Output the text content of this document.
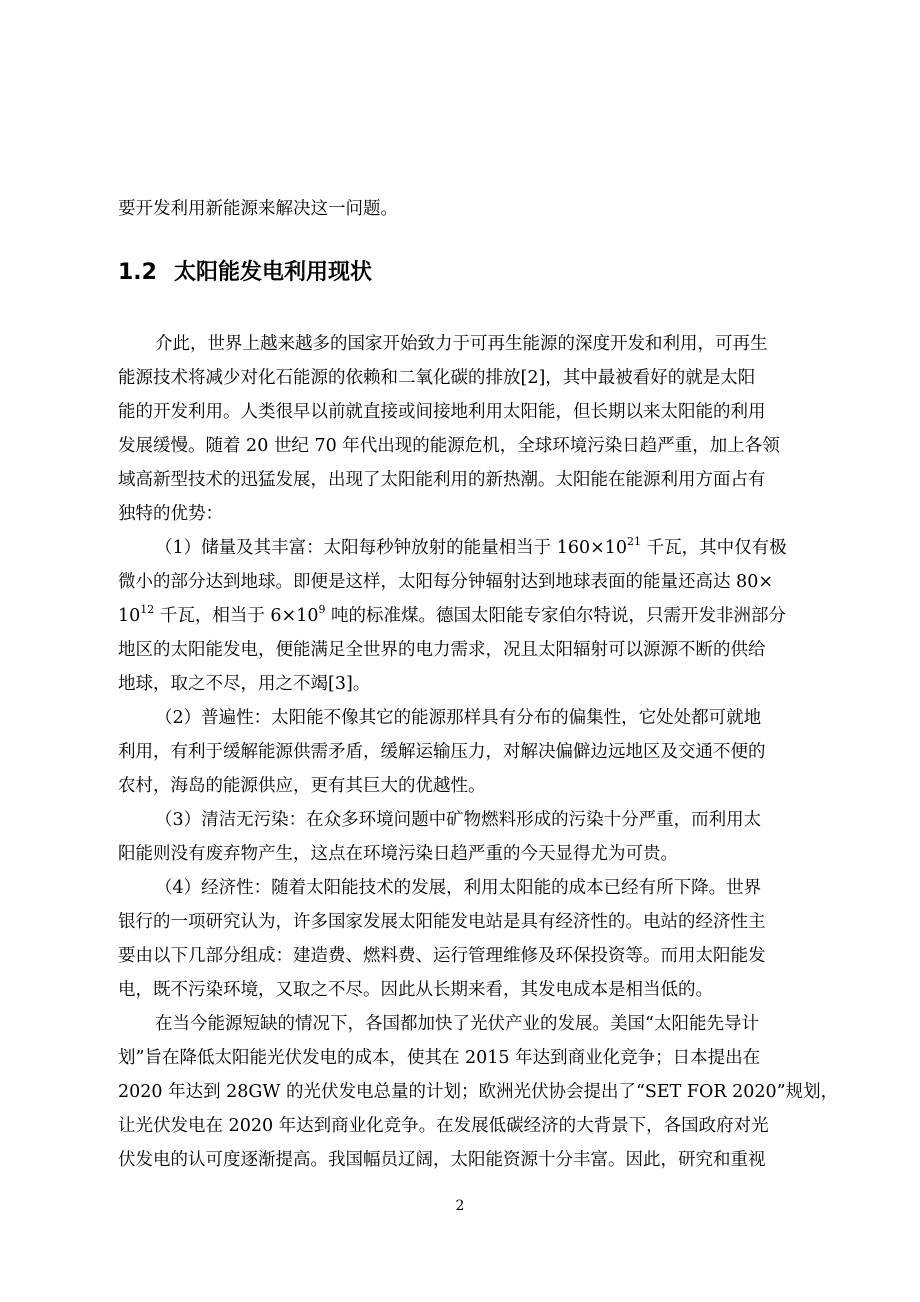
要开发利用新能源来解决这一问题。
1.2 太阳能发电利用现状
介此，世界上越来越多的国家开始致力于可再生能源的深度开发和利用，可再生
能源技术将减少对化石能源的依赖和二氧化碳的排放[2]，其中最被看好的就是太阳
能的开发利用。人类很早以前就直接或间接地利用太阳能，但长期以来太阳能的利用
发展缓慢。随着 20 世纪 70 年代出现的能源危机，全球环境污染日趋严重，加上各领
域高新型技术的迅猛发展，出现了太阳能利用的新热潮。太阳能在能源利用方面占有
独特的优势：
（1）储量及其丰富：太阳每秒钟放射的能量相当于 $160\times 10^{21}$ 千瓦，其中仅有极
微小的部分达到地球。即便是这样，太阳每分钟辐射达到地球表面的能量还高达 80×
$10^{12}$ 千瓦，相当于 $6\times 10^9$ 吨的标准煤。德国太阳能专家伯尔特说，只需开发非洲部分
地区的太阳能发电，便能满足全世界的电力需求，况且太阳辐射可以源源不断的供给
地球，取之不尽，用之不竭[3]。
（2）普遍性：太阳能不像其它的能源那样具有分布的偏集性，它处处都可就地
利用，有利于缓解能源供需矛盾，缓解运输压力，对解决偏僻边远地区及交通不便的
农村，海岛的能源供应，更有其巨大的优越性。
（3）清洁无污染：在众多环境问题中矿物燃料形成的污染十分严重，而利用太
阳能则没有废弃物产生，这点在环境污染日趋严重的今天显得尤为可贵。
（4）经济性：随着太阳能技术的发展，利用太阳能的成本已经有所下降。世界
银行的一项研究认为，许多国家发展太阳能发电站是具有经济性的。电站的经济性主
要由以下几部分组成：建造费、燃料费、运行管理维修及环保投资等。而用太阳能发
电，既不污染环境，又取之不尽。因此从长期来看，其发电成本是相当低的。
在当今能源短缺的情况下，各国都加快了光伏产业的发展。美国“太阳能先导计
划”旨在降低太阳能光伏发电的成本，使其在 2015 年达到商业化竞争；日本提出在
2020 年达到 28GW 的光伏发电总量的计划；欧洲光伏协会提出了“SET FOR 2020”规划，
让光伏发电在 2020 年达到商业化竞争。在发展低碳经济的大背景下，各国政府对光
伏发电的认可度逐渐提高。我国幅员辽阔，太阳能资源十分丰富。因此，研究和重视
2
